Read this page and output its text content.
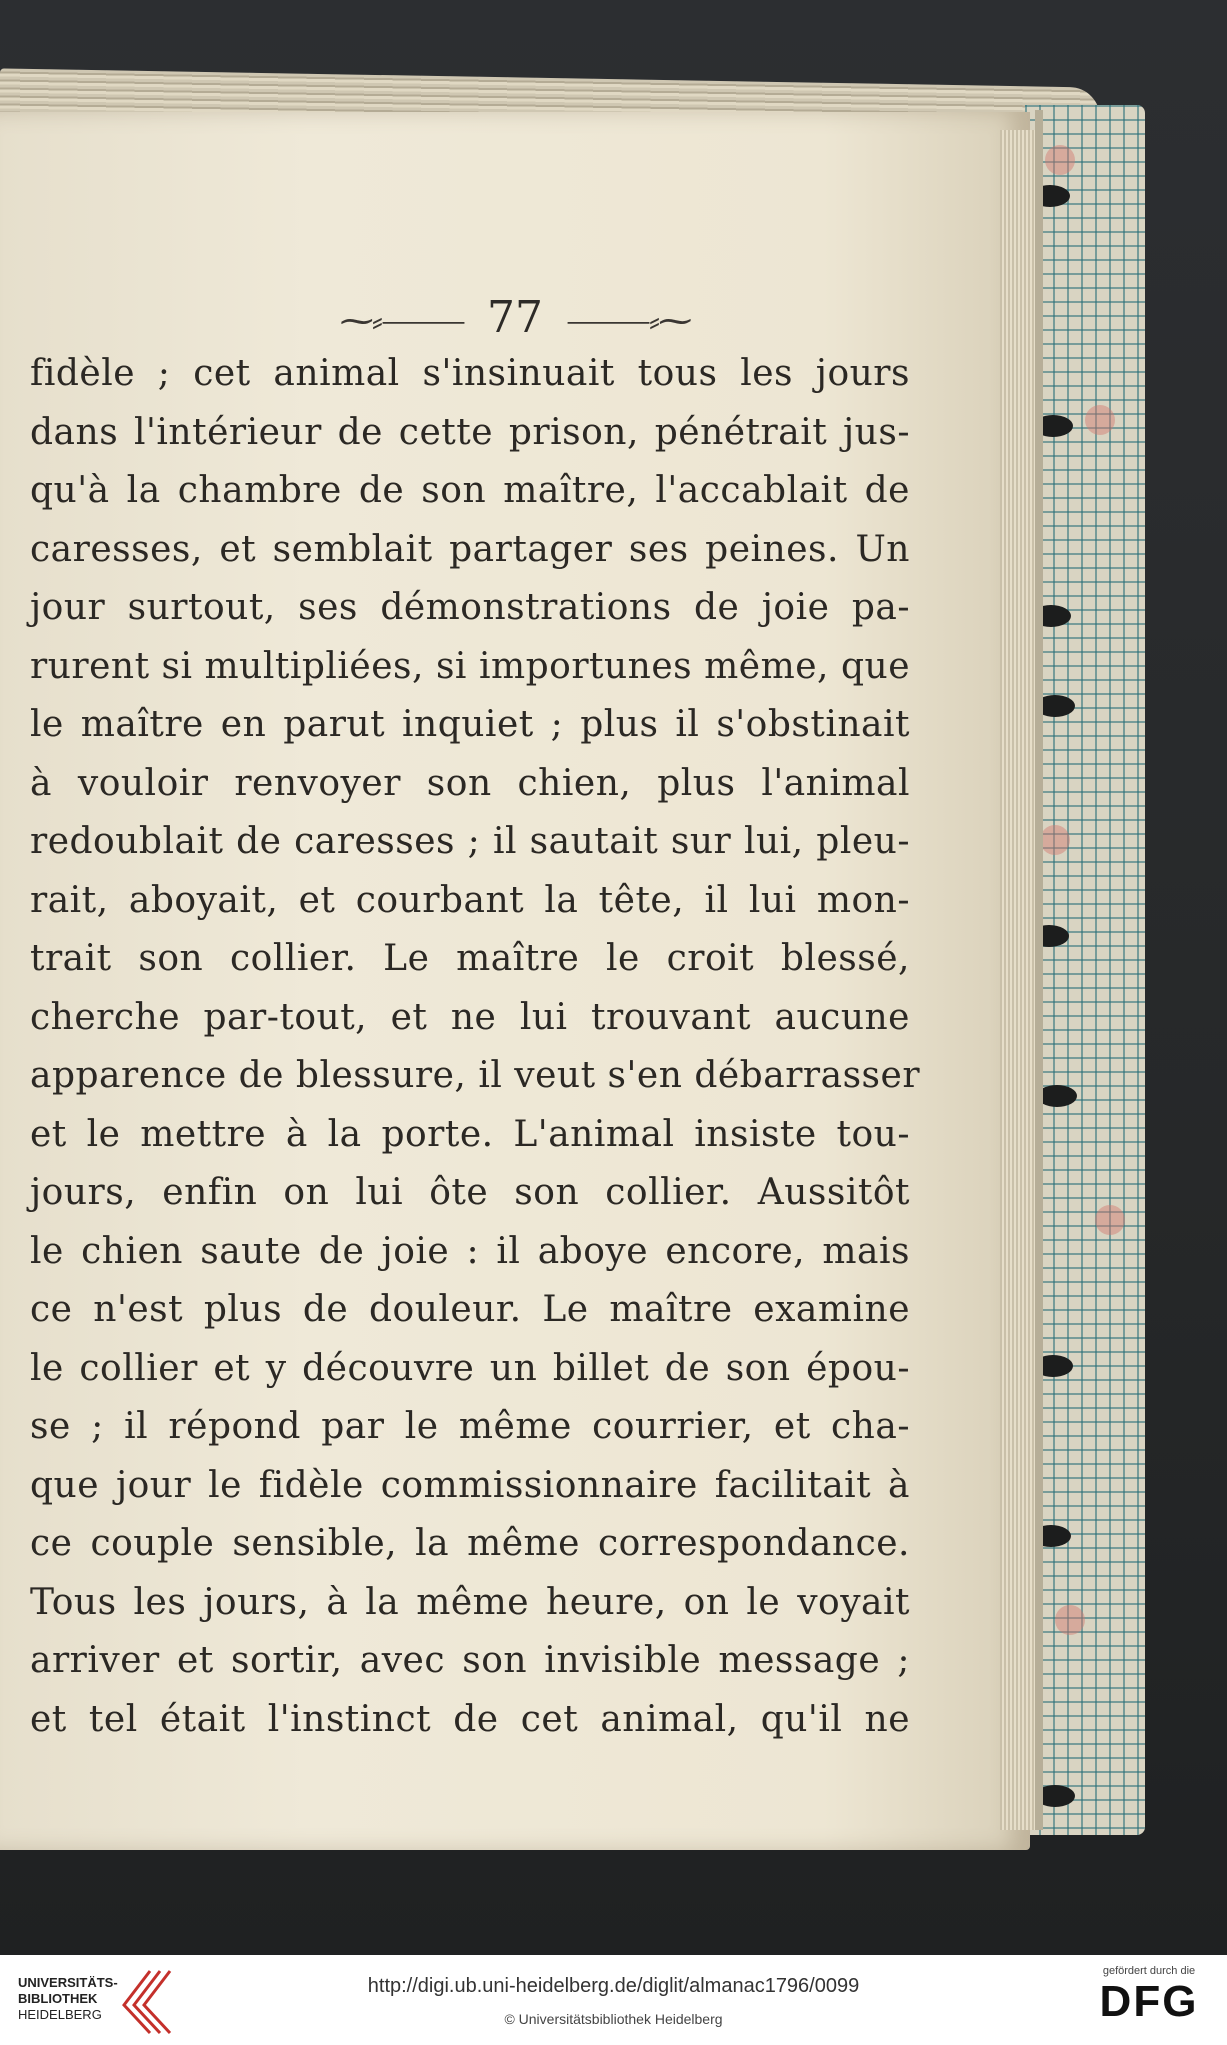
⁓⸗⸻ 77 ⸻⸗⁓
fidèle ; cet animal s'insinuait tous les jours
dans l'intérieur de cette prison, pénétrait jus-
qu'à la chambre de son maître, l'accablait de
caresses, et semblait partager ses peines. Un
jour surtout, ses démonstrations de joie pa-
rurent si multipliées, si importunes même, que
le maître en parut inquiet ; plus il s'obstinait
à vouloir renvoyer son chien, plus l'animal
redoublait de caresses ; il sautait sur lui, pleu-
rait, aboyait, et courbant la tête, il lui mon-
trait son collier. Le maître le croit blessé,
cherche par-tout, et ne lui trouvant aucune
apparence de blessure, il veut s'en débarrasser
et le mettre à la porte. L'animal insiste tou-
jours, enfin on lui ôte son collier. Aussitôt
le chien saute de joie : il aboye encore, mais
ce n'est plus de douleur. Le maître examine
le collier et y découvre un billet de son épou-
se ; il répond par le même courrier, et cha-
que jour le fidèle commissionnaire facilitait à
ce couple sensible, la même correspondance.
Tous les jours, à la même heure, on le voyait
arriver et sortir, avec son invisible message ;
et tel était l'instinct de cet animal, qu'il ne
UNIVERSITÄTS-
BIBLIOTHEK
HEIDELBERG
http://digi.ub.uni-heidelberg.de/diglit/almanac1796/0099
© Universitätsbibliothek Heidelberg
gefördert durch die
DFG
